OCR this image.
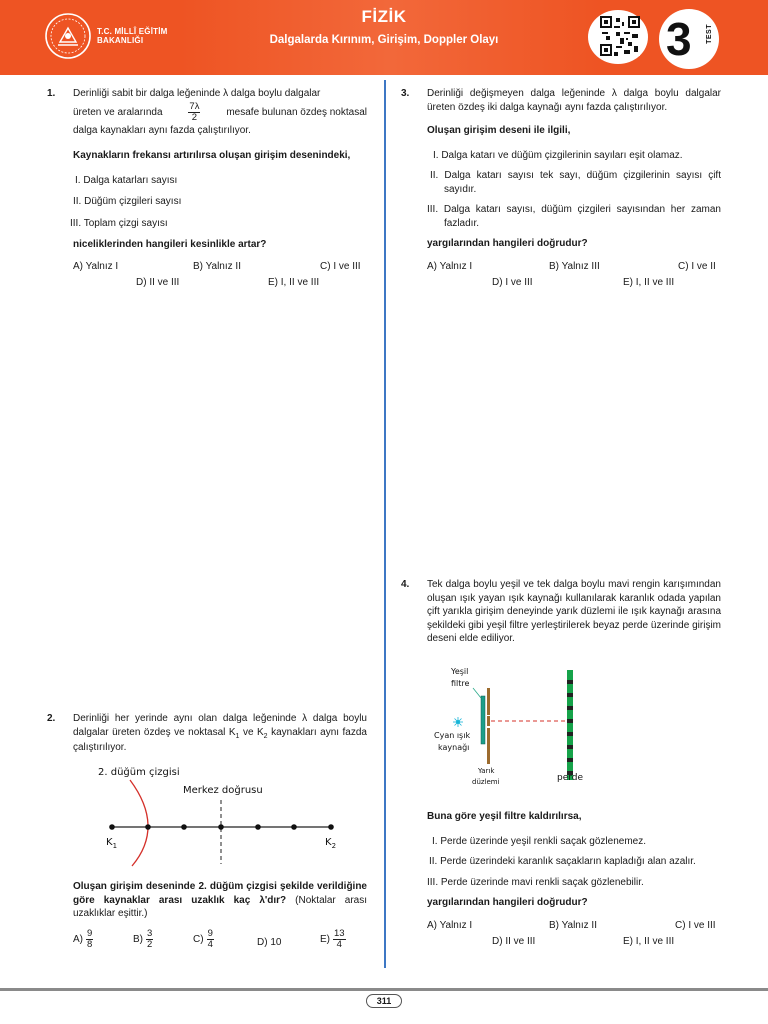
T.C. MİLLÎ EĞİTİM
BAKANLIĞI
FİZİK
Dalgalarda Kırınım, Girişim, Doppler Olayı	3 TEST
1. Derinliği sabit bir dalga leğeninde λ dalga boylu dalgalar
üreten ve aralarında	$\frac{7\lambda}{2}$	mesafe bulunan özdeş noktasal
dalga kaynakları aynı fazda çalıştırılıyor.
Kaynakların frekansı artırılırsa oluşan girişim desenindeki,
I. Dalga katarları sayısı
II. Düğüm çizgileri sayısı
III. Toplam çizgi sayısı
niceliklerinden hangileri kesinlikle artar?
A) Yalnız I	B) Yalnız II	C) I ve III
D) II ve III	E) I, II ve III
2. Derinliği her yerinde aynı olan dalga leğeninde λ dalga boylu dalgalar üreten özdeş ve noktasal $K_1$ ve $K_2$ kaynakları aynı fazda çalıştırılıyor.
2. düğüm çizgisi
Merkez doğrusu
$K_1$	$K_2$
Oluşan girişim deseninde 2. düğüm çizgisi şekilde verildiğine göre kaynaklar arası uzaklık kaç λ'dır? (Noktalar arası uzaklıklar eşittir.)
$A) \frac{9}{8}$	$B) \frac{3}{2}$	$C) \frac{9}{4}$	D) 10	$E) \frac{13}{4}$
3. Derinliği değişmeyen dalga leğeninde λ dalga boylu dalgalar üreten özdeş iki dalga kaynağı aynı fazda çalıştırılıyor.
Oluşan girişim deseni ile ilgili,
I. Dalga katarı ve düğüm çizgilerinin sayıları eşit olamaz.
II. Dalga katarı sayısı tek sayı, düğüm çizgilerinin sayısı çift sayıdır.
III. Dalga katarı sayısı, düğüm çizgileri sayısından her zaman fazladır.
yargılarından hangileri doğrudur?
A) Yalnız I	B) Yalnız III	C) I ve II
D) I ve III	E) I, II ve III
4. Tek dalga boylu yeşil ve tek dalga boylu mavi rengin karışımından oluşan ışık yayan ışık kaynağı kullanılarak karanlık odada yapılan çift yarıkla girişim deneyinde yarık düzlemi ile ışık kaynağı arasına şekildeki gibi yeşil filtre yerleştirilerek beyaz perde üzerinde girişim deseni elde ediliyor.
Yeşil
filtre
Cyan ışık
kaynağı
Yarık
düzlemi	perde
Buna göre yeşil filtre kaldırılırsa,
I. Perde üzerinde yeşil renkli saçak gözlenemez.
II. Perde üzerindeki karanlık saçakların kapladığı alan azalır.
III. Perde üzerinde mavi renkli saçak gözlenebilir.
yargılarından hangileri doğrudur?
A) Yalnız I	B) Yalnız II	C) I ve III
D) II ve III	E) I, II ve III
311
